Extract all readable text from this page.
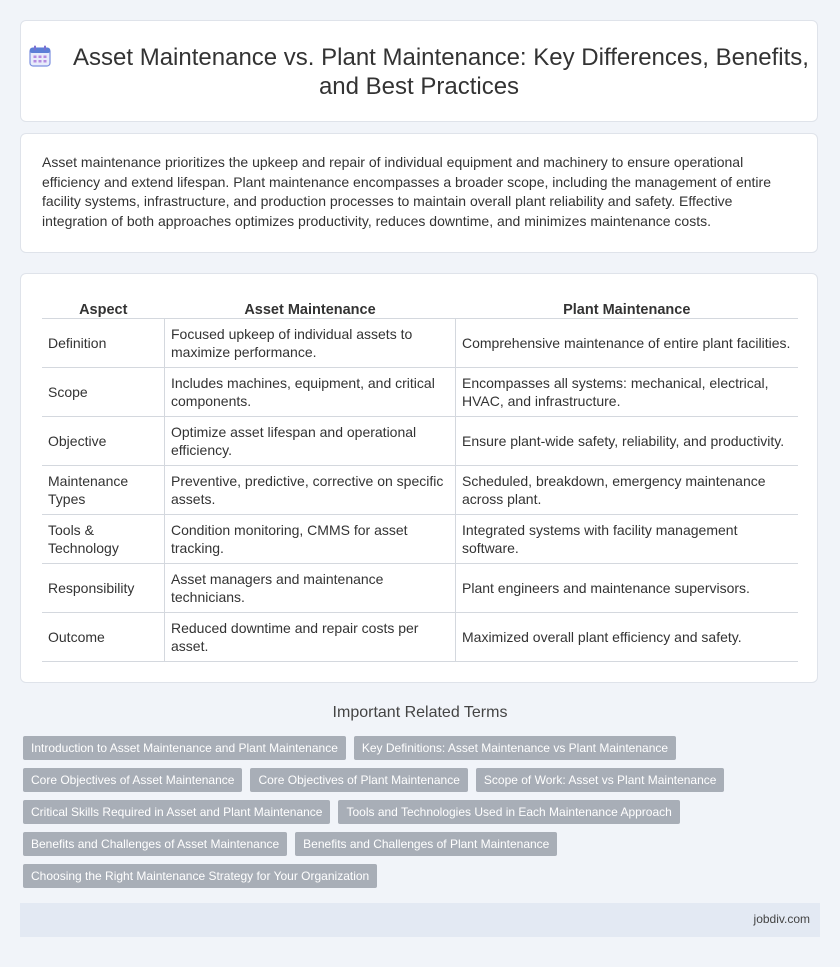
Asset Maintenance vs. Plant Maintenance: Key Differences, Benefits, and Best Practices

Asset maintenance prioritizes the upkeep and repair of individual equipment and machinery to ensure operational efficiency and extend lifespan. Plant maintenance encompasses a broader scope, including the management of entire facility systems, infrastructure, and production processes to maintain overall plant reliability and safety. Effective integration of both approaches optimizes productivity, reduces downtime, and minimizes maintenance costs.

Aspect	Asset Maintenance	Plant Maintenance
Definition	Focused upkeep of individual assets to maximize performance.	Comprehensive maintenance of entire plant facilities.
Scope	Includes machines, equipment, and critical components.	Encompasses all systems: mechanical, electrical, HVAC, and infrastructure.
Objective	Optimize asset lifespan and operational efficiency.	Ensure plant-wide safety, reliability, and productivity.
Maintenance Types	Preventive, predictive, corrective on specific assets.	Scheduled, breakdown, emergency maintenance across plant.
Tools & Technology	Condition monitoring, CMMS for asset tracking.	Integrated systems with facility management software.
Responsibility	Asset managers and maintenance technicians.	Plant engineers and maintenance supervisors.
Outcome	Reduced downtime and repair costs per asset.	Maximized overall plant efficiency and safety.
Important Related Terms
Introduction to Asset Maintenance and Plant Maintenance	Key Definitions: Asset Maintenance vs Plant Maintenance
Core Objectives of Asset Maintenance	Core Objectives of Plant Maintenance	Scope of Work: Asset vs Plant Maintenance
Critical Skills Required in Asset and Plant Maintenance	Tools and Technologies Used in Each Maintenance Approach
Benefits and Challenges of Asset Maintenance	Benefits and Challenges of Plant Maintenance
Choosing the Right Maintenance Strategy for Your Organization
jobdiv.com
